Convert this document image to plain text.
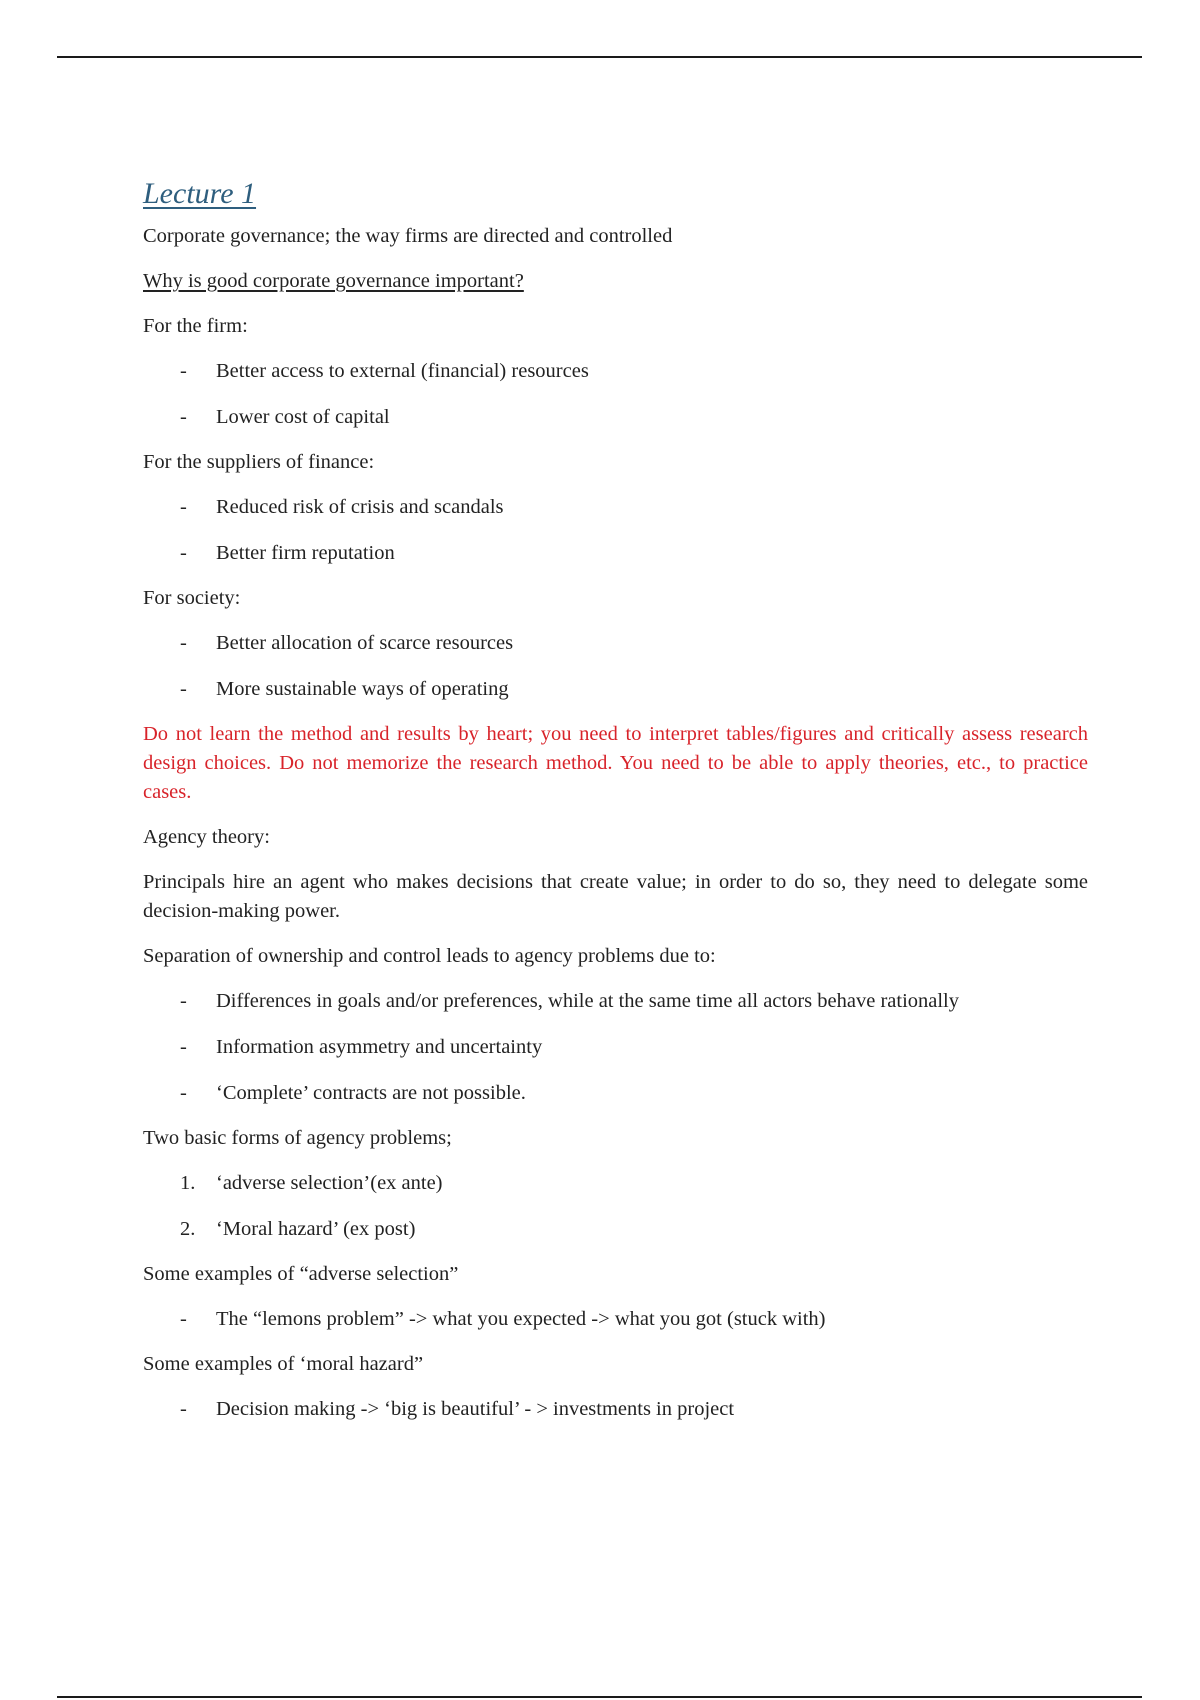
Lecture 1

Corporate governance; the way firms are directed and controlled

Why is good corporate governance important?

For the firm:

- Better access to external (financial) resources
- Lower cost of capital

For the suppliers of finance:

- Reduced risk of crisis and scandals
- Better firm reputation

For society:

- Better allocation of scarce resources
- More sustainable ways of operating

Do not learn the method and results by heart; you need to interpret tables/figures and critically assess research design choices. Do not memorize the research method. You need to be able to apply theories, etc., to practice cases.

Agency theory:

Principals hire an agent who makes decisions that create value; in order to do so, they need to delegate some decision-making power.

Separation of ownership and control leads to agency problems due to:

- Differences in goals and/or preferences, while at the same time all actors behave rationally
- Information asymmetry and uncertainty
- ‘Complete’ contracts are not possible.

Two basic forms of agency problems;

1. ‘adverse selection’(ex ante)
2. ‘Moral hazard’ (ex post)

Some examples of “adverse selection”

- The “lemons problem” -> what you expected -> what you got (stuck with)

Some examples of ‘moral hazard”

- Decision making -> ‘big is beautiful’ - > investments in project
